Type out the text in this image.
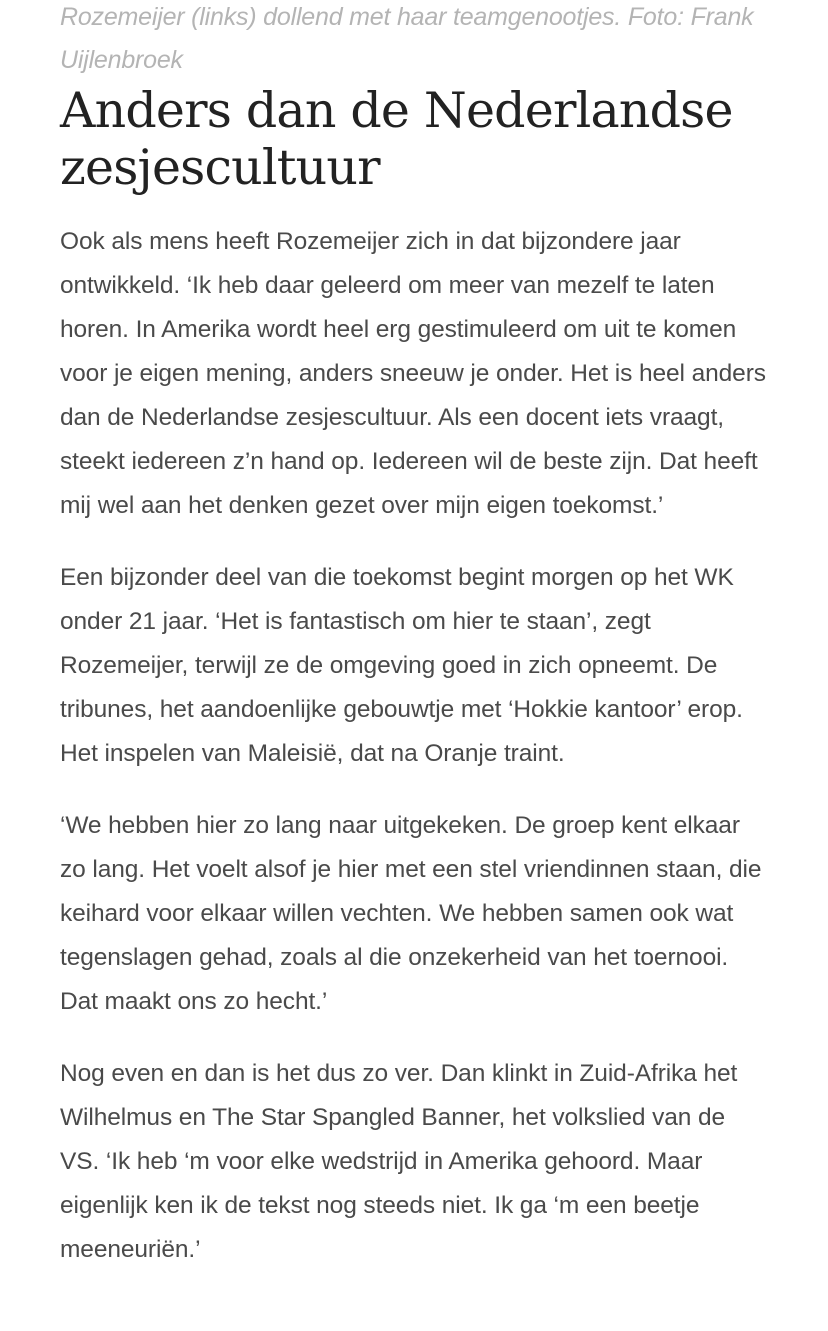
Rozemeijer (links) dollend met haar teamgenootjes. Foto: Frank Uijlenbroek

Anders dan de Nederlandse zesjescultuur

Ook als mens heeft Rozemeijer zich in dat bijzondere jaar ontwikkeld. ‘Ik heb daar geleerd om meer van mezelf te laten horen. In Amerika wordt heel erg gestimuleerd om uit te komen voor je eigen mening, anders sneeuw je onder. Het is heel anders dan de Nederlandse zesjescultuur. Als een docent iets vraagt, steekt iedereen z’n hand op. Iedereen wil de beste zijn. Dat heeft mij wel aan het denken gezet over mijn eigen toekomst.’

Een bijzonder deel van die toekomst begint morgen op het WK onder 21 jaar. ‘Het is fantastisch om hier te staan’, zegt Rozemeijer, terwijl ze de omgeving goed in zich opneemt. De tribunes, het aandoenlijke gebouwtje met ‘Hokkie kantoor’ erop. Het inspelen van Maleisië, dat na Oranje traint.

‘We hebben hier zo lang naar uitgekeken. De groep kent elkaar zo lang. Het voelt alsof je hier met een stel vriendinnen staan, die keihard voor elkaar willen vechten. We hebben samen ook wat tegenslagen gehad, zoals al die onzekerheid van het toernooi. Dat maakt ons zo hecht.’

Nog even en dan is het dus zo ver. Dan klinkt in Zuid-Afrika het Wilhelmus en The Star Spangled Banner, het volkslied van de VS. ‘Ik heb ‘m voor elke wedstrijd in Amerika gehoord. Maar eigenlijk ken ik de tekst nog steeds niet. Ik ga ‘m een beetje meeneuriën.’
